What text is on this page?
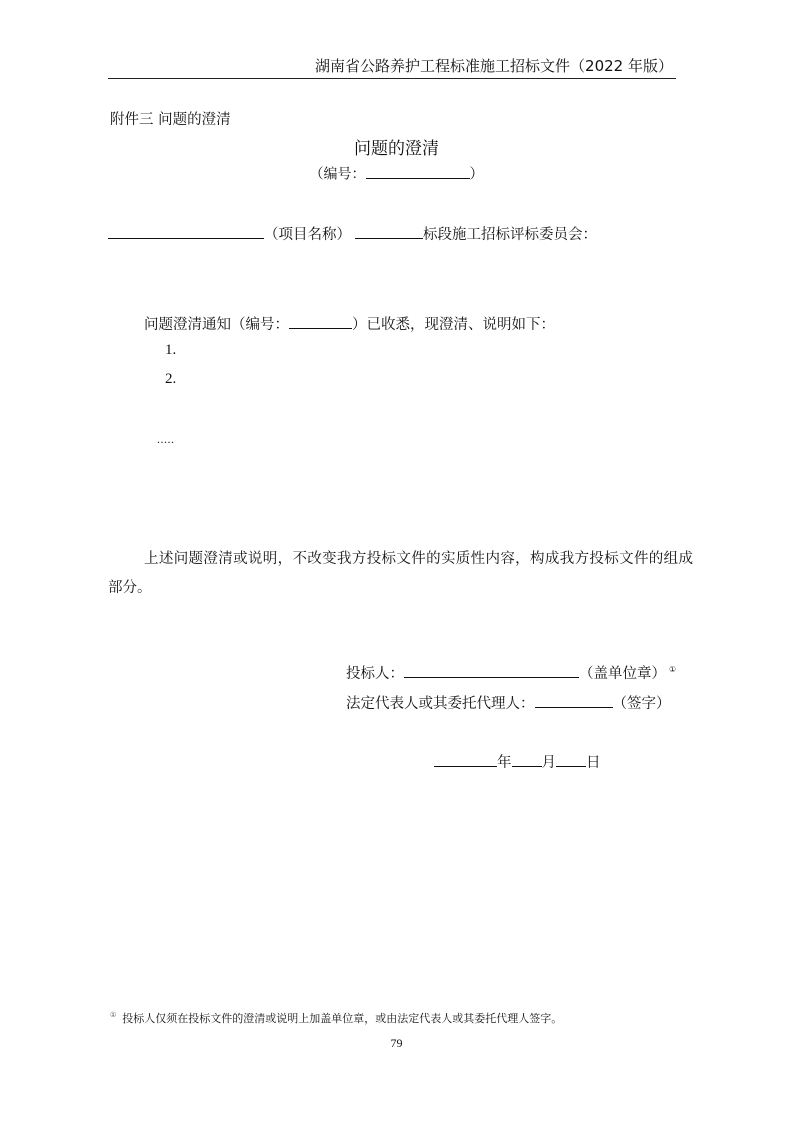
湖南省公路养护工程标准施工招标文件（2022 年版）
附件三 问题的澄清
问题的澄清
（编号：	）
（项目名称）	标段施工招标评标委员会：
问题澄清通知（编号：	）已收悉，现澄清、说明如下：
1.
2.
.....
上述问题澄清或说明，不改变我方投标文件的实质性内容，构成我方投标文件的组成部分。
投标人：	（盖单位章） ①
法定代表人或其委托代理人：	（签字）
年 月 日
① 投标人仅须在投标文件的澄清或说明上加盖单位章，或由法定代表人或其委托代理人签字。
79
